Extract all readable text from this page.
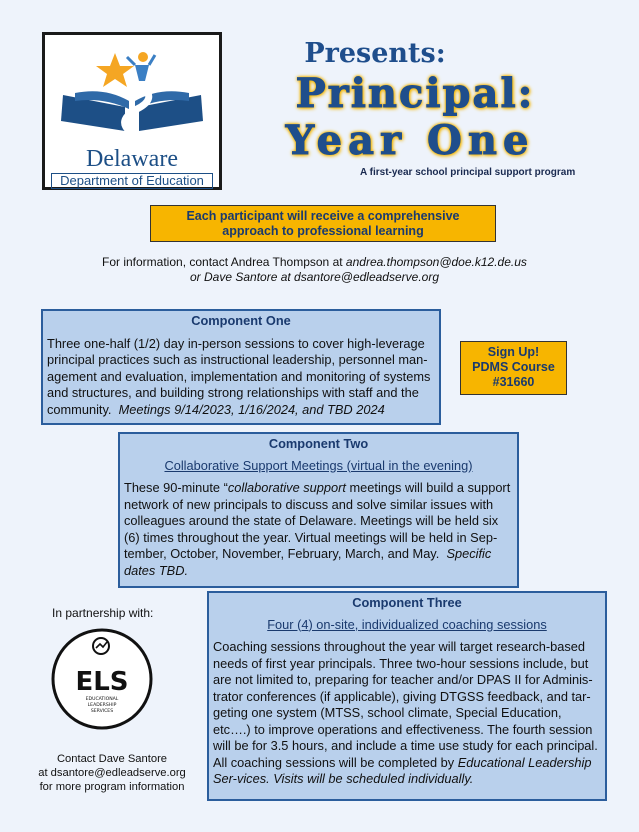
Delaware
Department of Education
Presents:
Principal:
Year One
A first-year school principal support program
Each participant will receive a comprehensive
approach to professional learning
For information, contact Andrea Thompson at andrea.thompson@doe.k12.de.us
or Dave Santore at dsantore@edleadserve.org
Component One
Three one-half (1/2) day in-person sessions to cover high-leverage principal practices such as instructional leadership, personnel man-agement and evaluation, implementation and monitoring of systems and structures, and building strong relationships with staff and the community. Meetings 9/14/2023, 1/16/2024, and TBD 2024
Sign Up!
PDMS Course
#31660
Component Two
Collaborative Support Meetings (virtual in the evening)
These 90-minute “collaborative support meetings will build a support network of new principals to discuss and solve similar issues with colleagues around the state of Delaware. Meetings will be held six (6) times throughout the year. Virtual meetings will be held in Sep-tember, October, November, February, March, and May. Specific dates TBD.
Component Three
Four (4) on-site, individualized coaching sessions
Coaching sessions throughout the year will target research-based needs of first year principals. Three two-hour sessions include, but are not limited to, preparing for teacher and/or DPAS II for Adminis-trator conferences (if applicable), giving DTGSS feedback, and tar-geting one system (MTSS, school climate, Special Education, etc….) to improve operations and effectiveness. The fourth session will be for 3.5 hours, and include a time use study for each principal. All coaching sessions will be completed by Educational Leadership Ser-vices. Visits will be scheduled individually.
In partnership with:
ELS
EDUCATIONAL
LEADERSHIP
SERVICES
Contact Dave Santore
at dsantore@edleadserve.org
for more program information
